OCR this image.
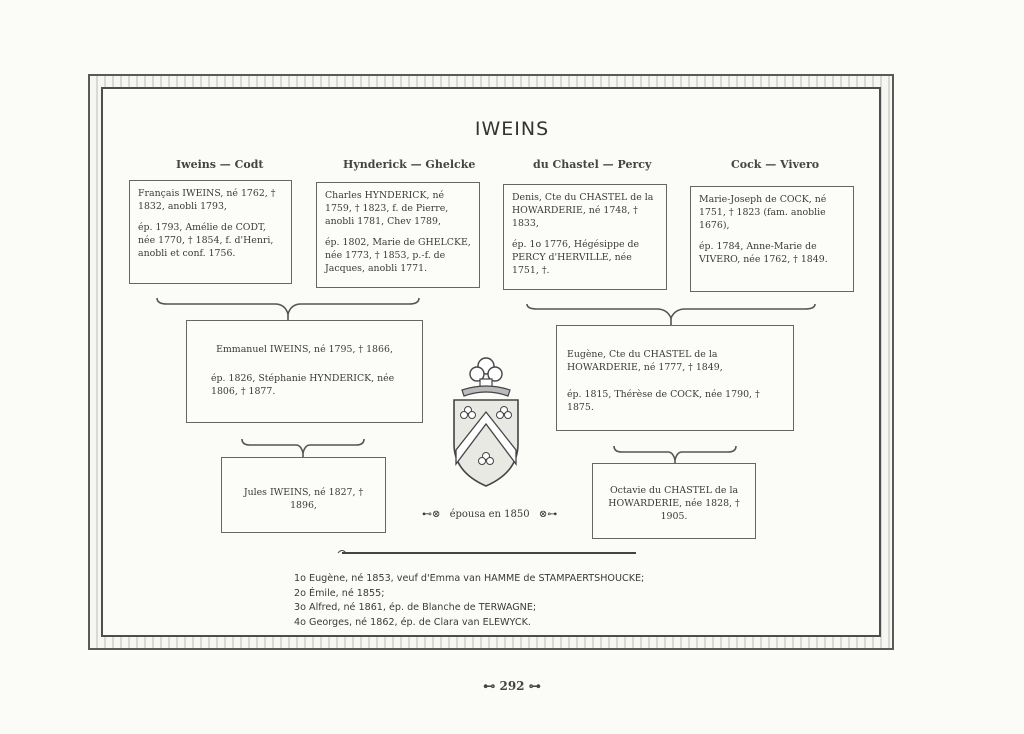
IWEINS
Iweins — Codt	Hynderick — Ghelcke	du Chastel — Percy	Cock — Vivero
Français IWEINS, né 1762, † 1832, anobli 1793,
ép. 1793, Amélie de CODT, née 1770, † 1854, f. d'Henri, anobli et conf. 1756.
Charles HYNDERICK, né 1759, † 1823, f. de Pierre, anobli 1781, Chev 1789,
ép. 1802, Marie de GHELCKE, née 1773, † 1853, p.-f. de Jacques, anobli 1771.
Denis, Cte du CHASTEL de la HOWARDERIE, né 1748, † 1833,
ép. 1o 1776, Hégésippe de PERCY d'HERVILLE, née 1751, †.
Marie-Joseph de COCK, né 1751, † 1823 (fam. anoblie 1676),
ép. 1784, Anne-Marie de VIVERO, née 1762, † 1849.
Emmanuel IWEINS, né 1795, † 1866,
ép. 1826, Stéphanie HYNDERICK, née 1806, † 1877.
Eugène, Cte du CHASTEL de la HOWARDERIE, né 1777, † 1849,
ép. 1815, Thérèse de COCK, née 1790, † 1875.
Jules IWEINS, né 1827, † 1896,
Octavie du CHASTEL de la HOWARDERIE, née 1828, † 1905.
⊷⊗ épousa en 1850 ⊗⊶
1o Eugène, né 1853, veuf d'Emma van HAMME de STAMPAERTSHOUCKE;
2o Émile, né 1855;
3o Alfred, né 1861, ép. de Blanche de TERWAGNE;
4o Georges, né 1862, ép. de Clara van ELEWYCK.
⊷ 292 ⊶
